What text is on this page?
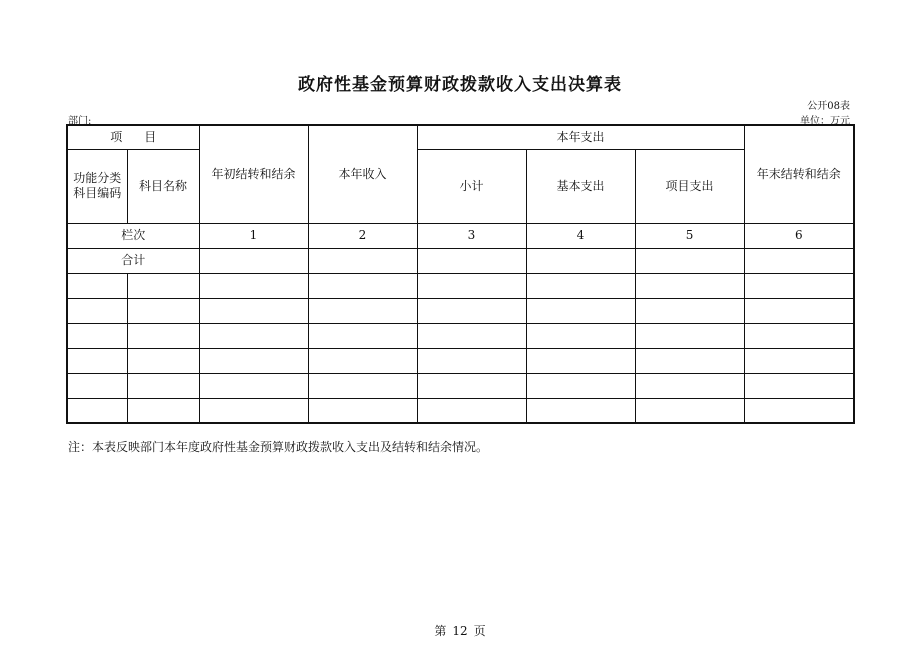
政府性基金预算财政拨款收入支出决算表
公开08表
部门:	单位：万元
项 目		年初结转和结余	本年收入	本年支出			年末结转和结余

功能分类科目编码	科目名称			小计	基本支出	项目支出	
栏次		1	2	3	4	5	6
合计							

注：本表反映部门本年度政府性基金预算财政拨款收入支出及结转和结余情况。
第 12 页
